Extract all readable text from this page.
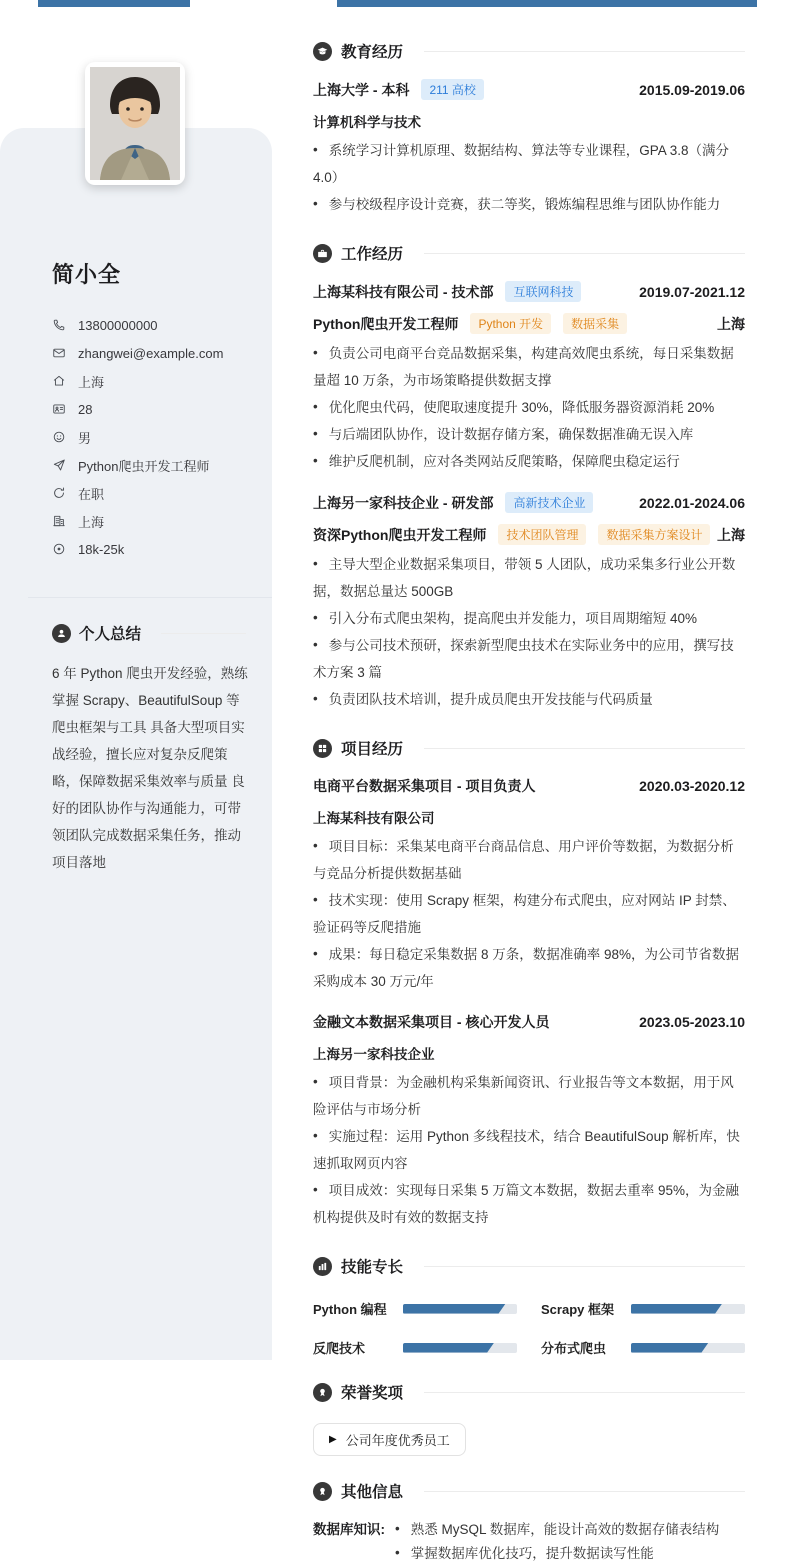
简小全
13800000000
zhangwei@example.com
上海
28
男
Python爬虫开发工程师
在职
上海
18k-25k
个人总结

6 年 Python 爬虫开发经验，熟练掌握 Scrapy、BeautifulSoup 等爬虫框架与工具 具备大型项目实战经验，擅长应对复杂反爬策略，保障数据采集效率与质量 良好的团队协作与沟通能力，可带领团队完成数据采集任务，推动项目落地

教育经历
上海大学 - 本科	211 高校	2015.09-2019.06
计算机科学与技术

• 系统学习计算机原理、数据结构、算法等专业课程，GPA 3.8（满分 4.0）

• 参与校级程序设计竞赛，获二等奖，锻炼编程思维与团队协作能力

工作经历
上海某科技有限公司 - 技术部	互联网科技	2019.07-2021.12
Python爬虫开发工程师	Python 开发	数据采集	上海

• 负责公司电商平台竞品数据采集，构建高效爬虫系统，每日采集数据量超 10 万条，为市场策略提供数据支撑

• 优化爬虫代码，使爬取速度提升 30%，降低服务器资源消耗 20%

• 与后端团队协作，设计数据存储方案，确保数据准确无误入库

• 维护反爬机制，应对各类网站反爬策略，保障爬虫稳定运行

上海另一家科技企业 - 研发部	高新技术企业	2022.01-2024.06
资深Python爬虫开发工程师	技术团队管理	数据采集方案设计	上海

• 主导大型企业数据采集项目，带领 5 人团队，成功采集多行业公开数据，数据总量达 500GB

• 引入分布式爬虫架构，提高爬虫并发能力，项目周期缩短 40%

• 参与公司技术预研，探索新型爬虫技术在实际业务中的应用，撰写技术方案 3 篇

• 负责团队技术培训，提升成员爬虫开发技能与代码质量

项目经历
电商平台数据采集项目 - 项目负责人	2020.03-2020.12
上海某科技有限公司

• 项目目标：采集某电商平台商品信息、用户评价等数据，为数据分析与竞品分析提供数据基础

• 技术实现：使用 Scrapy 框架，构建分布式爬虫，应对网站 IP 封禁、验证码等反爬措施

• 成果：每日稳定采集数据 8 万条，数据准确率 98%，为公司节省数据采购成本 30 万元/年

金融文本数据采集项目 - 核心开发人员	2023.05-2023.10
上海另一家科技企业

• 项目背景：为金融机构采集新闻资讯、行业报告等文本数据，用于风险评估与市场分析

• 实施过程：运用 Python 多线程技术，结合 BeautifulSoup 解析库，快速抓取网页内容

• 项目成效：实现每日采集 5 万篇文本数据，数据去重率 95%，为金融机构提供及时有效的数据支持

技能专长
Python 编程	Scrapy 框架
反爬技术	分布式爬虫
荣誉奖项
▶ 公司年度优秀员工
其他信息
数据库知识:	• 熟悉 MySQL 数据库，能设计高效的数据存储表结构

• 掌握数据库优化技巧，提升数据读写性能
